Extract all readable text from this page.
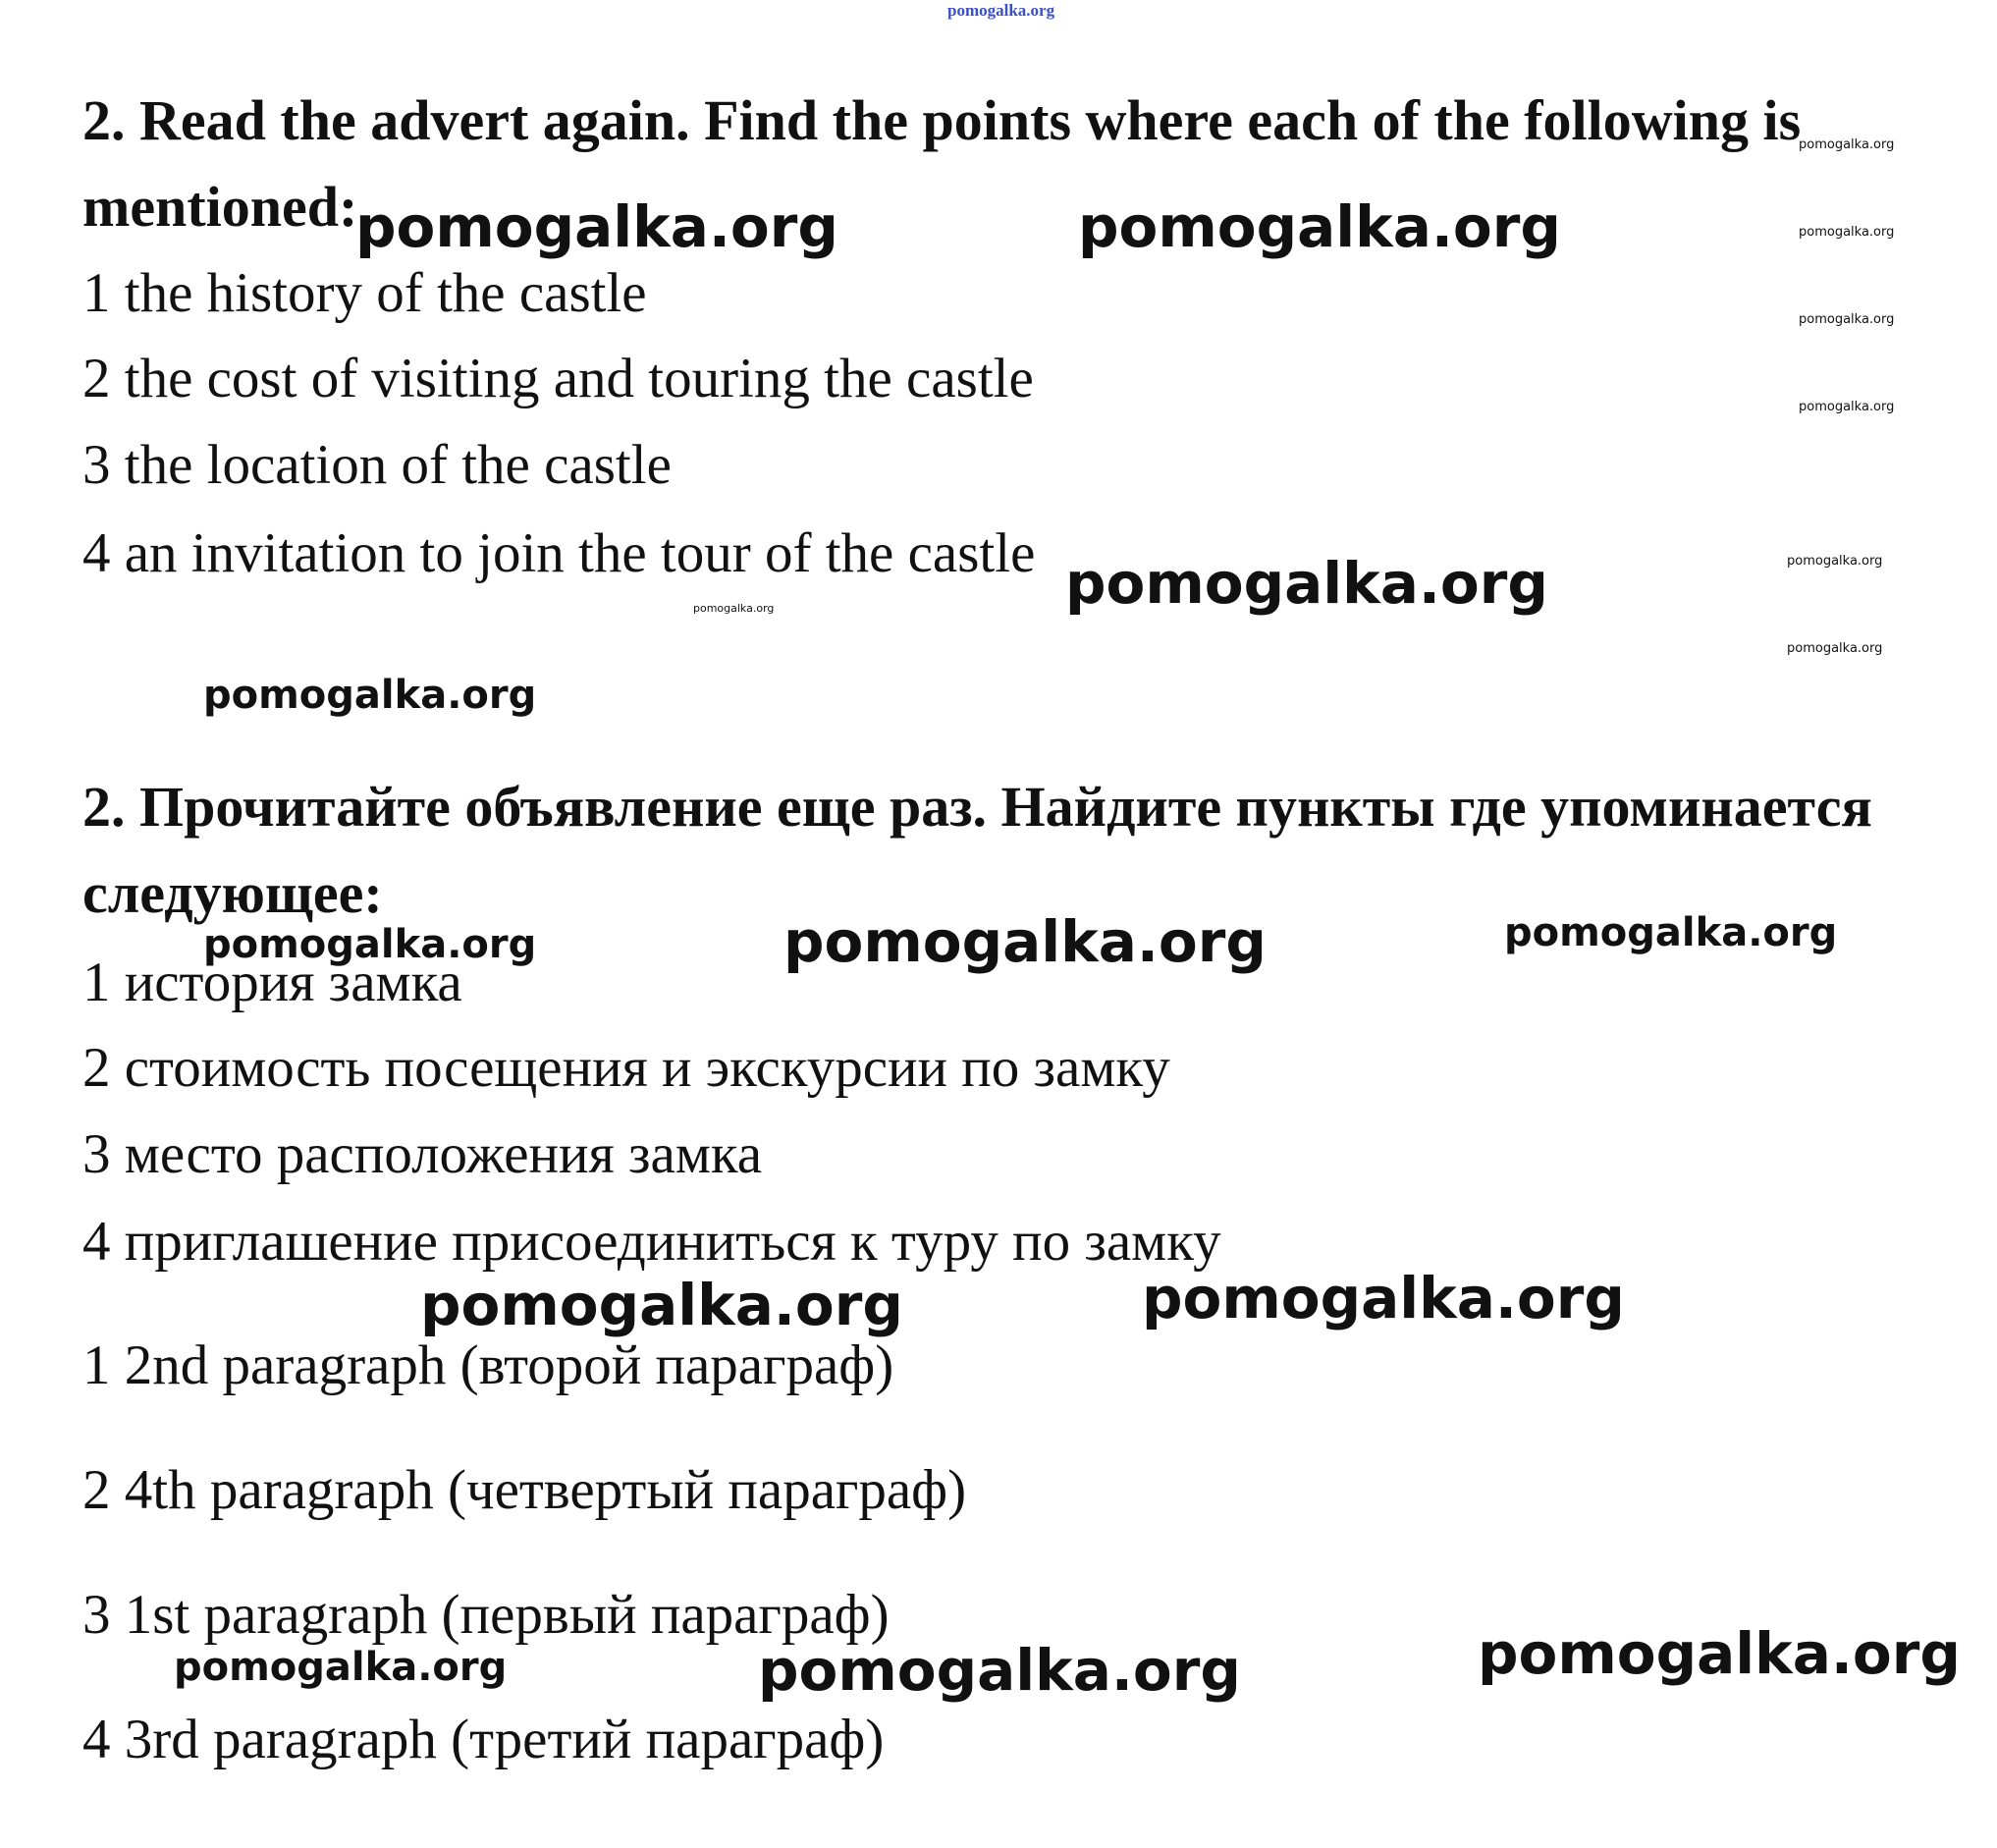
pomogalka.org
2. Read the advert again. Find the points where each of the following is
mentioned:
1 the history of the castle
2 the cost of visiting and touring the castle
3 the location of the castle
4 an invitation to join the tour of the castle
2. Прочитайте объявление еще раз. Найдите пункты где упоминается
следующее:
1 история замка
2 стоимость посещения и экскурсии по замку
3 место расположения замка
4 приглашение присоединиться к туру по замку
1 2nd paragraph (второй параграф)
2 4th paragraph (четвертый параграф)
3 1st paragraph (первый параграф)
4 3rd paragraph (третий параграф)
pomogalka.org	pomogalka.org
pomogalka.org
pomogalka.org
pomogalka.org	pomogalka.org
pomogalka.org	pomogalka.org
pomogalka.org
pomogalka.org	pomogalka.org
pomogalka.org
pomogalka.org
pomogalka.org
pomogalka.org
pomogalka.org
pomogalka.org
pomogalka.org
pomogalka.org
